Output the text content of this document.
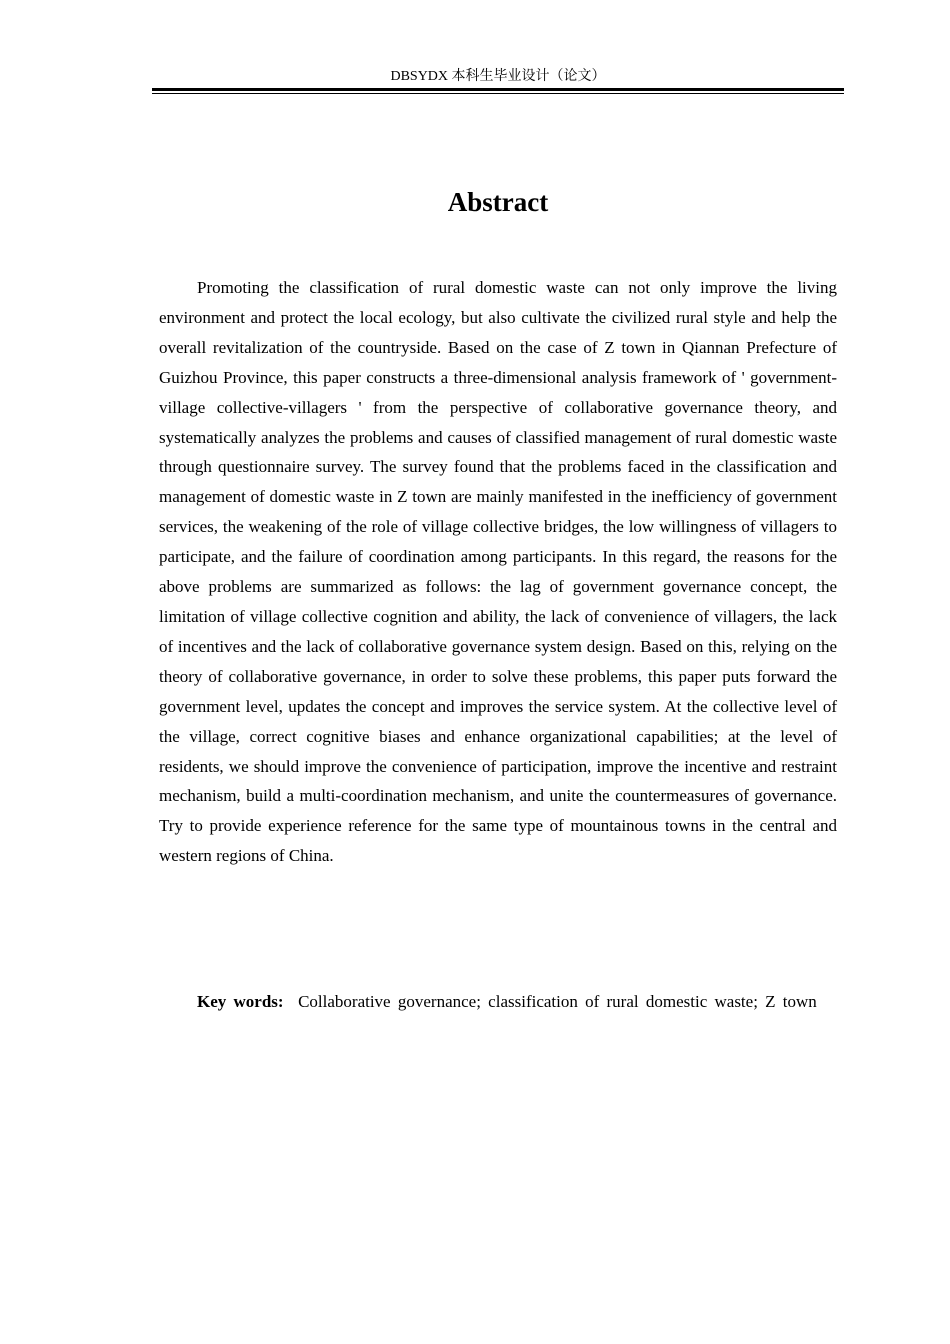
DBSYDX 本科生毕业设计（论文）
Abstract

Promoting the classification of rural domestic waste can not only improve the living environment and protect the local ecology, but also cultivate the civilized rural style and help the overall revitalization of the countryside. Based on the case of Z town in Qiannan Prefecture of Guizhou Province, this paper constructs a three-dimensional analysis framework of ' government-village collective-villagers ' from the perspective of collaborative governance theory, and systematically analyzes the problems and causes of classified management of rural domestic waste through questionnaire survey. The survey found that the problems faced in the classification and management of domestic waste in Z town are mainly manifested in the inefficiency of government services, the weakening of the role of village collective bridges, the low willingness of villagers to participate, and the failure of coordination among participants. In this regard, the reasons for the above problems are summarized as follows: the lag of government governance concept, the limitation of village collective cognition and ability, the lack of convenience of villagers, the lack of incentives and the lack of collaborative governance system design. Based on this, relying on the theory of collaborative governance, in order to solve these problems, this paper puts forward the government level, updates the concept and improves the service system. At the collective level of the village, correct cognitive biases and enhance organizational capabilities; at the level of residents, we should improve the convenience of participation, improve the incentive and restraint mechanism, build a multi-coordination mechanism, and unite the countermeasures of governance. Try to provide experience reference for the same type of mountainous towns in the central and western regions of China.

Key words: Collaborative governance; classification of rural domestic waste; Z town
